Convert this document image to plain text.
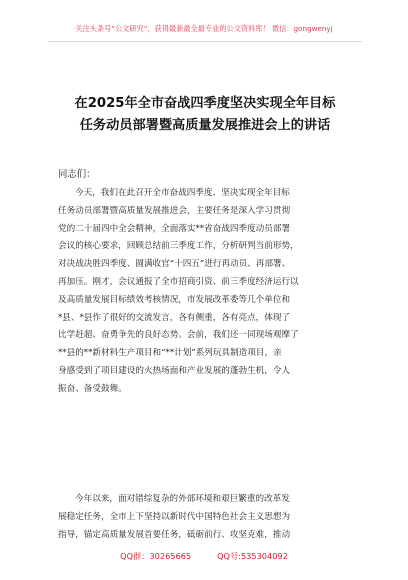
关注头条号“公文研究”，获得最新最全最专业的公文资料库！ 微信：gongwenyj
在2025年全市奋战四季度坚决实现全年目标
任务动员部署暨高质量发展推进会上的讲话
同志们：
今天，我们在此召开全市奋战四季度、坚决实现全年目标
任务动员部署暨高质量发展推进会，主要任务是深入学习贯彻
党的二十届四中全会精神，全面落实**省奋战四季度动员部署
会议的核心要求，回顾总结前三季度工作，分析研判当前形势，
对决战决胜四季度、圆满收官“十四五”进行再动员、再部署、
再加压。刚才，会议通报了全市招商引资、前三季度经济运行以
及高质量发展目标绩效考核情况，市发展改革委等几个单位和
*县、*县作了很好的交流发言，各有侧重，各有亮点，体现了
比学赶超、奋勇争先的良好态势。会前，我们还一同现场观摩了
**县的**新材料生产项目和“**计划”系列玩具制造项目，亲
身感受到了项目建设的火热场面和产业发展的蓬勃生机，令人
振奋、备受鼓舞。
今年以来，面对错综复杂的外部环境和艰巨繁重的改革发
展稳定任务，全市上下坚持以新时代中国特色社会主义思想为
指导，锚定高质量发展首要任务，砥砺前行、攻坚克难，推动
QQ群：30265665	QQ号:535304092
